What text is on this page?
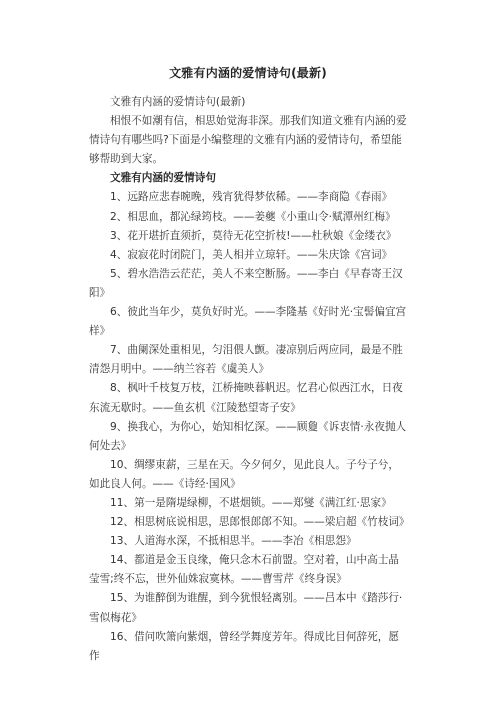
文雅有内涵的爱情诗句(最新)

文雅有内涵的爱情诗句(最新)

相恨不如潮有信，相思始觉海非深。那我们知道文雅有内涵的爱情诗句有哪些吗?下面是小编整理的文雅有内涵的爱情诗句，希望能够帮助到大家。

文雅有内涵的爱情诗句

1、远路应悲春晼晚，残宵犹得梦依稀。——李商隐《春雨》

2、相思血，都沁绿筠枝。——姜夔《小重山令·赋潭州红梅》

3、花开堪折直须折，莫待无花空折枝!——杜秋娘《金缕衣》

4、寂寂花时闭院门，美人相并立琼轩。——朱庆馀《宫词》

5、碧水浩浩云茫茫，美人不来空断肠。——李白《早春寄王汉阳》

6、彼此当年少，莫负好时光。——李隆基《好时光·宝髻偏宜宫样》

7、曲阑深处重相见，匀泪偎人颤。凄凉别后两应同，最是不胜清怨月明中。——纳兰容若《虞美人》

8、枫叶千枝复万枝，江桥掩映暮帆迟。忆君心似西江水，日夜东流无歇时。——鱼玄机《江陵愁望寄子安》

9、换我心，为你心，始知相忆深。——顾敻《诉衷情·永夜抛人何处去》

10、绸缪束薪，三星在天。今夕何夕，见此良人。子兮子兮，如此良人何。——《诗经·国风》

11、第一是隋堤绿柳，不堪烟锁。——郑燮《满江红·思家》

12、相思树底说相思，思郎恨郎郎不知。——梁启超《竹枝词》

13、人道海水深，不抵相思半。——李冶《相思怨》

14、都道是金玉良缘，俺只念木石前盟。空对着，山中高士晶莹雪;终不忘，世外仙姝寂寞林。——曹雪芹《终身误》

15、为谁醉倒为谁醒，到今犹恨轻离别。——吕本中《踏莎行·雪似梅花》

16、借问吹箫向紫烟，曾经学舞度芳年。得成比目何辞死，愿作
